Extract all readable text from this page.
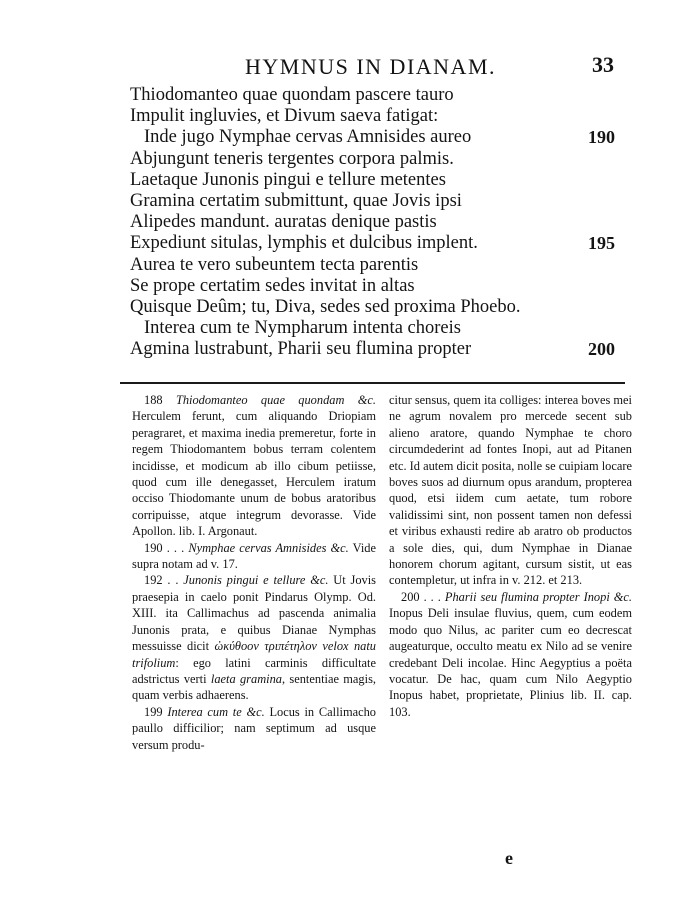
HYMNUS IN DIANAM.	33
Thiodomanteo quae quondam pascere tauro
Impulit ingluvies, et Divum saeva fatigat:
Inde jugo Nymphae cervas Amnisides aureo	190
Abjungunt teneris tergentes corpora palmis.
Laetaque Junonis pingui e tellure metentes
Gramina certatim submittunt, quae Jovis ipsi
Alipedes mandunt. auratas denique pastis
Expediunt situlas, lymphis et dulcibus implent.	195
Aurea te vero subeuntem tecta parentis
Se prope certatim sedes invitat in altas
Quisque Deûm; tu, Diva, sedes sed proxima Phoebo.
Interea cum te Nympharum intenta choreis
Agmina lustrabunt, Pharii seu flumina propter	200

188 Thiodomanteo quae quondam &c. Herculem ferunt, cum aliquando Driopiam peragraret, et maxima inedia premeretur, forte in regem Thiodomantem bobus terram colentem incidisse, et modicum ab illo cibum petiisse, quod cum ille denegasset, Herculem iratum occiso Thiodomante unum de bobus aratoribus corripuisse, atque integrum devorasse. Vide Apollon. lib. I. Argonaut.

190 . . . Nymphae cervas Amnisides &c. Vide supra notam ad v. 17.

192 . . Junonis pingui e tellure &c. Ut Jovis praesepia in caelo ponit Pindarus Olymp. Od. XIII. ita Callimachus ad pascenda animalia Junonis prata, e quibus Dianae Nymphas messuisse dicit ὠκύθοον τριπέτηλον velox natu trifolium: ego latini carminis difficultate adstrictus verti laeta gramina, sententiae magis, quam verbis adhaerens.

199 Interea cum te &c. Locus in Callimacho paullo difficilior; nam septimum ad usque versum produ-

citur sensus, quem ita colliges: interea boves mei ne agrum novalem pro mercede secent sub alieno aratore, quando Nymphae te choro circumdederint ad fontes Inopi, aut ad Pitanen etc. Id autem dicit posita, nolle se cuipiam locare boves suos ad diurnum opus arandum, propterea quod, etsi iidem cum aetate, tum robore validissimi sint, non possent tamen non defessi et viribus exhausti redire ab aratro ob productos a sole dies, qui, dum Nymphae in Dianae honorem chorum agitant, cursum sistit, ut eas contempletur, ut infra in v. 212. et 213.

200 . . . Pharii seu flumina propter Inopi &c. Inopus Deli insulae fluvius, quem, cum eodem modo quo Nilus, ac pariter cum eo decrescat augeaturque, occulto meatu ex Nilo ad se venire credebant Deli incolae. Hinc Aegyptius a poëta vocatur. De hac, quam cum Nilo Aegyptio Inopus habet, proprietate, Plinius lib. II. cap. 103.

e
